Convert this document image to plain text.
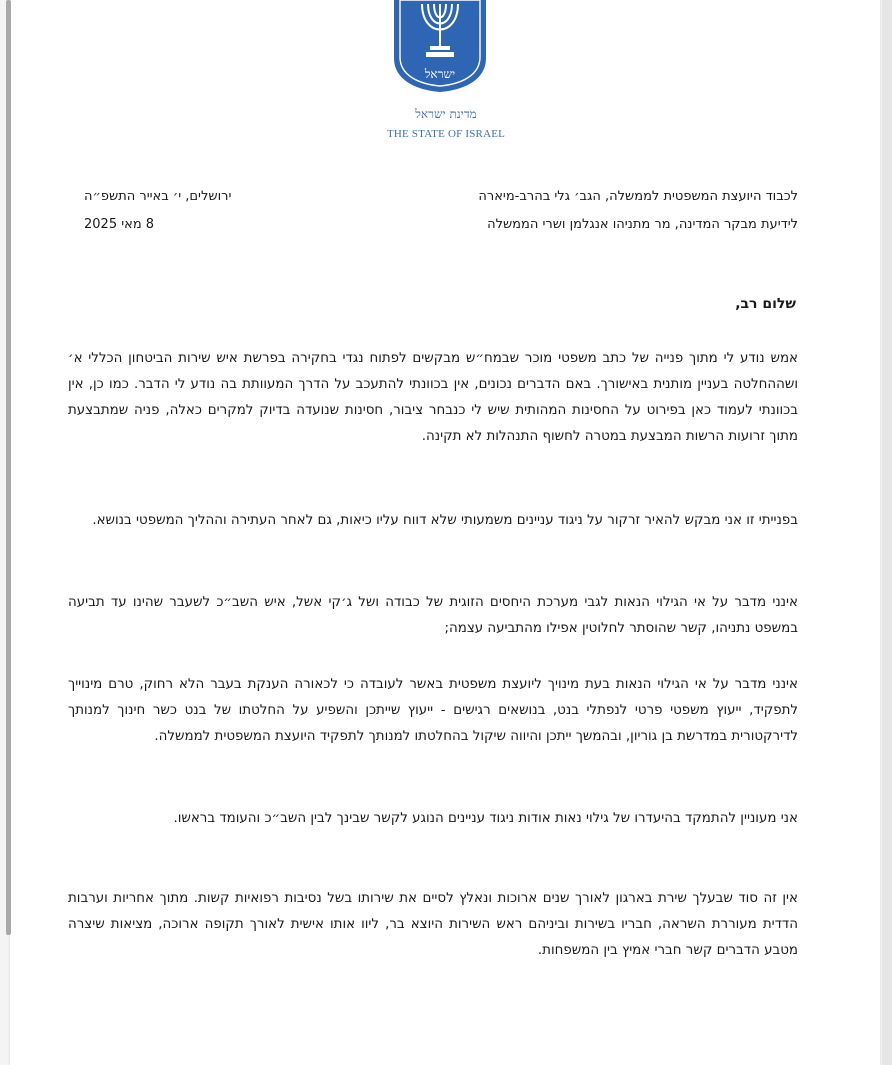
ישראל
מדינת ישראל
THE STATE OF ISRAEL
לכבוד היועצת המשפטית לממשלה, הגב׳ גלי בהרב-מיארה
לידיעת מבקר המדינה, מר מתניהו אנגלמן ושרי הממשלה
ירושלים, י׳ באייר התשפ״ה
8 מאי 2025
שלום רב,
אמש נודע לי מתוך פנייה של כתב משפטי מוכר שבמח״ש מבקשים לפתוח נגדי בחקירה בפרשת איש שירות הביטחון הכללי א׳ ושההחלטה בעניין מותנית באישורך. באם הדברים נכונים, אין בכוונתי להתעכב על הדרך המעוותת בה נודע לי הדבר. כמו כן, אין בכוונתי לעמוד כאן בפירוט על החסינות המהותית שיש לי כנבחר ציבור, חסינות שנועדה בדיוק למקרים כאלה, פניה שמתבצעת מתוך זרועות הרשות המבצעת במטרה לחשוף התנהלות לא תקינה.
בפנייתי זו אני מבקש להאיר זרקור על ניגוד עניינים משמעותי שלא דווח עליו כיאות, גם לאחר העתירה וההליך המשפטי בנושא.
אינני מדבר על אי הגילוי הנאות לגבי מערכת היחסים הזוגית של כבודה ושל ג׳קי אשל, איש השב״כ לשעבר שהינו עד תביעה במשפט נתניהו, קשר שהוסתר לחלוטין אפילו מהתביעה עצמה;
אינני מדבר על אי הגילוי הנאות בעת מינויך ליועצת משפטית באשר לעובדה כי לכאורה הענקת בעבר הלא רחוק, טרם מינוייך לתפקיד, ייעוץ משפטי פרטי לנפתלי בנט, בנושאים רגישים - ייעוץ שייתכן והשפיע על החלטתו של בנט כשר חינוך למנותך לדירקטורית במדרשת בן גוריון, ובהמשך ייתכן והיווה שיקול בהחלטתו למנותך לתפקיד היועצת המשפטית לממשלה.
אני מעוניין להתמקד בהיעדרו של גילוי נאות אודות ניגוד עניינים הנוגע לקשר שבינך לבין השב״כ והעומד בראשו.
אין זה סוד שבעלך שירת בארגון לאורך שנים ארוכות ונאלץ לסיים את שירותו בשל נסיבות רפואיות קשות. מתוך אחריות וערבות הדדית מעוררת השראה, חבריו בשירות וביניהם ראש השירות היוצא בר, ליוו אותו אישית לאורך תקופה ארוכה, מציאות שיצרה מטבע הדברים קשר חברי אמיץ בין המשפחות.
